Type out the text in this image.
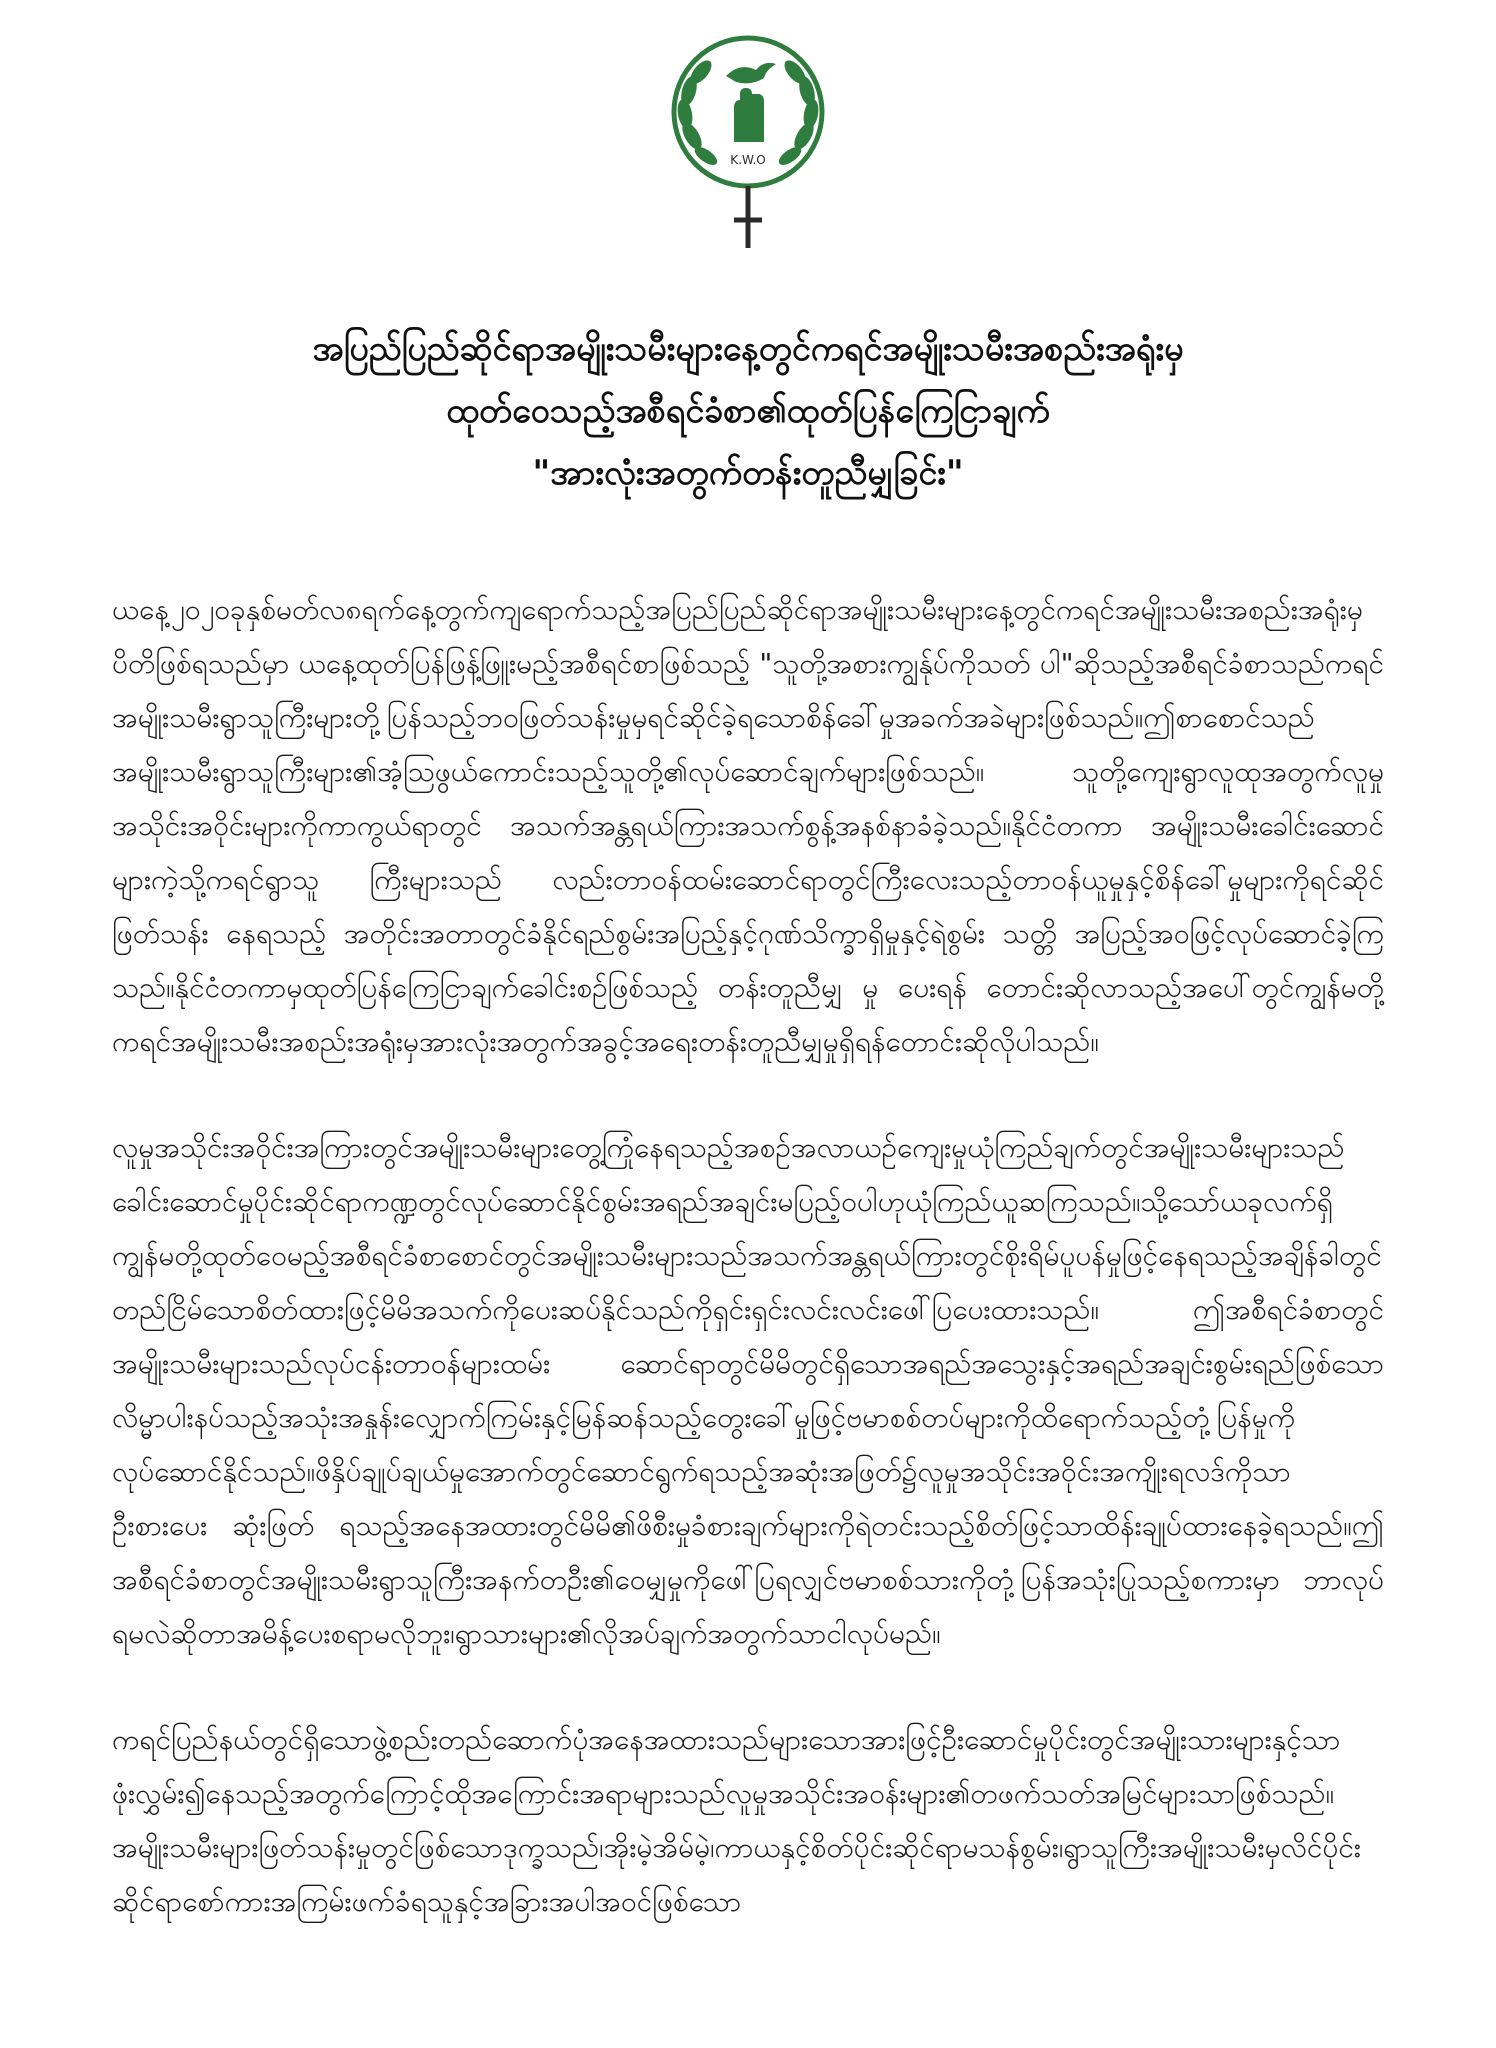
K.W.O
အပြည်ပြည်ဆိုင်ရာအမျိုးသမီးများနေ့တွင်ကရင်အမျိုးသမီးအစည်းအရုံးမှ
ထုတ်ဝေသည့်အစီရင်ခံစာ၏ထုတ်ပြန်ကြေငြာချက်
"အားလုံးအတွက်တန်းတူညီမျှခြင်း"

ယနေ့၂၀၂၀ခုနှစ်မတ်လ၈ရက်နေ့တွက်ကျရောက်သည့်အပြည်ပြည်ဆိုင်ရာအမျိုးသမီးများနေ့တွင်ကရင်အမျိုးသမီးအစည်းအရုံးမှပိတိဖြစ်ရသည်မှာ ယနေ့ထုတ်ပြန်ဖြန့်ဖြူးမည့်အစီရင်စာဖြစ်သည့် "သူတို့အစားကျွန်ုပ်ကိုသတ် ပါ"ဆိုသည့်အစီရင်ခံစာသည်ကရင်အမျိုးသမီးရွာသူကြီးများတို့ပြန်သည့်ဘဝဖြတ်သန်းမှုမှရင်ဆိုင်ခဲ့ရသောစိန်ခေါ်မှုအခက်အခဲများဖြစ်သည်။ဤစာစောင်သည်အမျိုးသမီးရွာသူကြီးများ၏အံ့သြဖွယ်ကောင်းသည့်သူတို့၏လုပ်ဆောင်ချက်များဖြစ်သည်။ သူတို့ကျေးရွာလူထုအတွက်လူမှုအသိုင်းအဝိုင်းများကိုကာကွယ်ရာတွင် အသက်အန္တရယ်ကြားအသက်စွန့်အနစ်နာခံခဲ့သည်။နိုင်ငံတကာ အမျိုးသမီးခေါင်းဆောင်များကဲ့သို့ကရင်ရွာသူ ကြီးများသည် လည်းတာဝန်ထမ်းဆောင်ရာတွင်ကြီးလေးသည့်တာဝန်ယူမှုနှင့်စိန်ခေါ်မှုများကိုရင်ဆိုင်ဖြတ်သန်း နေရသည့် အတိုင်းအတာတွင်ခံနိုင်ရည်စွမ်းအပြည့်နှင့်ဂုဏ်သိက္ခာရှိမှုနှင့်ရဲစွမ်း သတ္တိ အပြည့်အဝဖြင့်လုပ်ဆောင်ခဲ့ကြသည်။နိုင်ငံတကာမှထုတ်ပြန်ကြေငြာချက်ခေါင်းစဉ်ဖြစ်သည့် တန်းတူညီမျှ မှု ပေးရန် တောင်းဆိုလာသည့်အပေါ်တွင်ကျွန်မတို့ကရင်အမျိုးသမီးအစည်းအရုံးမှအားလုံးအတွက်အခွင့်အရေးတန်းတူညီမျှမှုရှိရန်တောင်းဆိုလိုပါသည်။

လူမှုအသိုင်းအဝိုင်းအကြားတွင်အမျိုးသမီးများတွေ့ကြုံနေရသည့်အစဉ်အလာယဉ်ကျေးမှုယုံကြည်ချက်တွင်အမျိုးသမီးများသည်ခေါင်းဆောင်မှုပိုင်းဆိုင်ရာကဏ္ဍတွင်လုပ်ဆောင်နိုင်စွမ်းအရည်အချင်းမပြည့်ဝပါဟုယုံကြည်ယူဆကြသည်။သို့သော်ယခုလက်ရှိကျွန်မတို့ထုတ်ဝေမည့်အစီရင်ခံစာစောင်တွင်အမျိုးသမီးများသည်အသက်အန္တရယ်ကြားတွင်စိုးရိမ်ပူပန်မှုဖြင့်နေရသည့်အချိန်ခါတွင်တည်ငြိမ်သောစိတ်ထားဖြင့်မိမိအသက်ကိုပေးဆပ်နိုင်သည်ကိုရှင်းရှင်းလင်းလင်းဖေါ်ပြပေးထားသည်။ ဤအစီရင်ခံစာတွင်အမျိုးသမီးများသည်လုပ်ငန်းတာဝန်များထမ်း ဆောင်ရာတွင်မိမိတွင်ရှိသောအရည်အသွေးနှင့်အရည်အချင်းစွမ်းရည်ဖြစ်သောလိမ္မာပါးနပ်သည့်အသုံးအနှုန်းလျှောက်ကြမ်းနှင့်မြန်ဆန်သည့်တွေးခေါ်မှုဖြင့်ဗမာစစ်တပ်များကိုထိရောက်သည့်တုံ့ပြန်မှုကိုလုပ်ဆောင်နိုင်သည်။ဖိနှိပ်ချုပ်ချယ်မှုအောက်တွင်ဆောင်ရွက်ရသည့်အဆုံးအဖြတ်၌လူမှုအသိုင်းအဝိုင်းအကျိုးရလဒ်ကိုသာဦးစားပေး ဆုံးဖြတ် ရသည့်အနေအထားတွင်မိမိ၏ဖိစီးမှုခံစားချက်များကိုရဲတင်းသည့်စိတ်ဖြင့်သာထိန်းချုပ်ထားနေခဲ့ရသည်။ဤအစီရင်ခံစာတွင်အမျိုးသမီးရွာသူကြီးအနက်တဦး၏ဝေမျှမှုကိုဖေါ်ပြရလျှင်ဗမာစစ်သားကိုတုံ့ပြန်အသုံးပြုသည့်စကားမှာ ဘာလုပ်ရမလဲဆိုတာအမိန့်ပေးစရာမလိုဘူး၊ရွာသားများ၏လိုအပ်ချက်အတွက်သာငါလုပ်မည်။

ကရင်ပြည်နယ်တွင်ရှိသောဖွဲ့စည်းတည်ဆောက်ပုံအနေအထားသည်များသောအားဖြင့်ဦးဆောင်မှုပိုင်းတွင်အမျိုးသားများနှင့်သာဖုံးလွှမ်း၍နေသည့်အတွက်ကြောင့်ထိုအကြောင်းအရာများသည်လူမှုအသိုင်းအဝန်းများ၏တဖက်သတ်အမြင်များသာဖြစ်သည်။အမျိုးသမီးများဖြတ်သန်းမှုတွင်ဖြစ်သောဒုက္ခသည်၊အိုးမဲ့အိမ်မဲ့၊ကာယနှင့်စိတ်ပိုင်းဆိုင်ရာမသန်စွမ်း၊ရွာသူကြီးအမျိုးသမီးမှလိင်ပိုင်းဆိုင်ရာစော်ကားအကြမ်းဖက်ခံရသူနှင့်အခြားအပါအဝင်ဖြစ်သော
